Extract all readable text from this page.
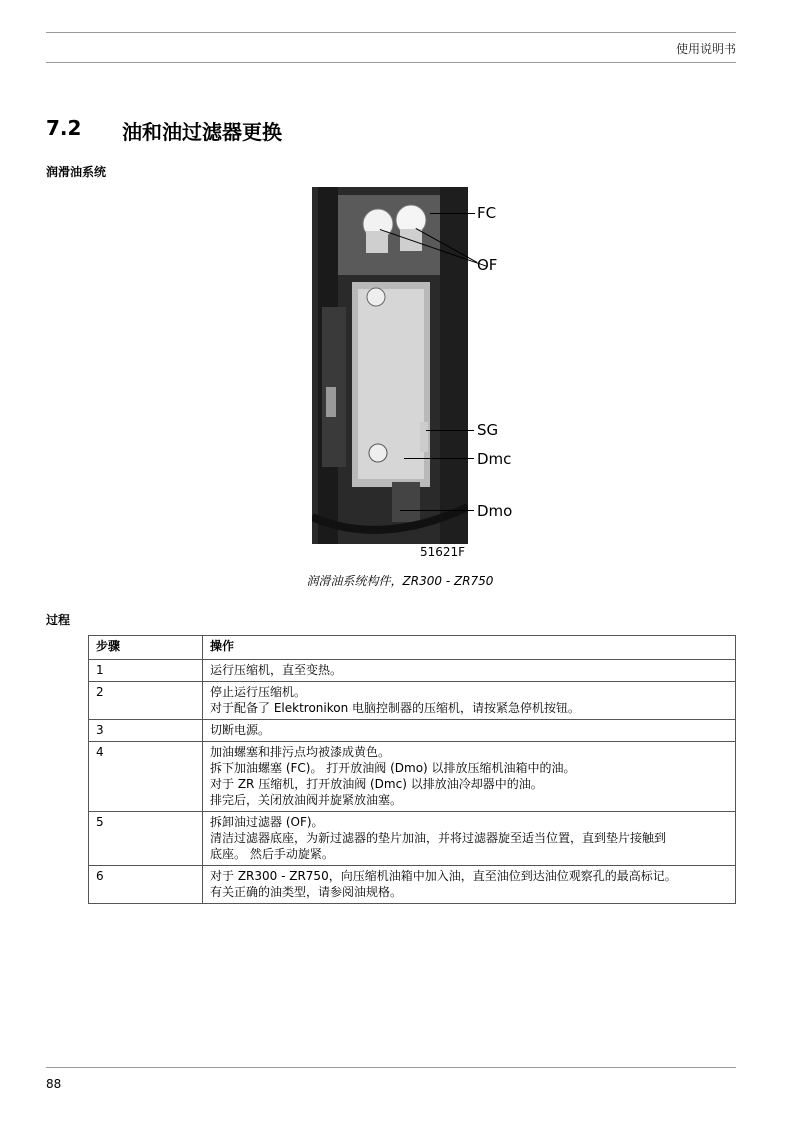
使用说明书
7.2 油和油过滤器更换
润滑油系统
FC
OF
SG
Dmc
Dmo
51621F
润滑油系统构件，ZR300 - ZR750
过程
步骤	操作
1	运行压缩机，直至变热。

2	停止运行压缩机。
对于配备了 Elektronikon 电脑控制器的压缩机，请按紧急停机按钮。

3	切断电源。

4	加油螺塞和排污点均被漆成黄色。
拆下加油螺塞 (FC)。 打开放油阀 (Dmo) 以排放压缩机油箱中的油。
对于 ZR 压缩机，打开放油阀 (Dmc) 以排放油冷却器中的油。
排完后，关闭放油阀并旋紧放油塞。

5	拆卸油过滤器 (OF)。
清洁过滤器底座，为新过滤器的垫片加油，并将过滤器旋至适当位置，直到垫片接触到
底座。 然后手动旋紧。

6	对于 ZR300 - ZR750，向压缩机油箱中加入油，直至油位到达油位观察孔的最高标记。
有关正确的油类型，请参阅油规格。
88
